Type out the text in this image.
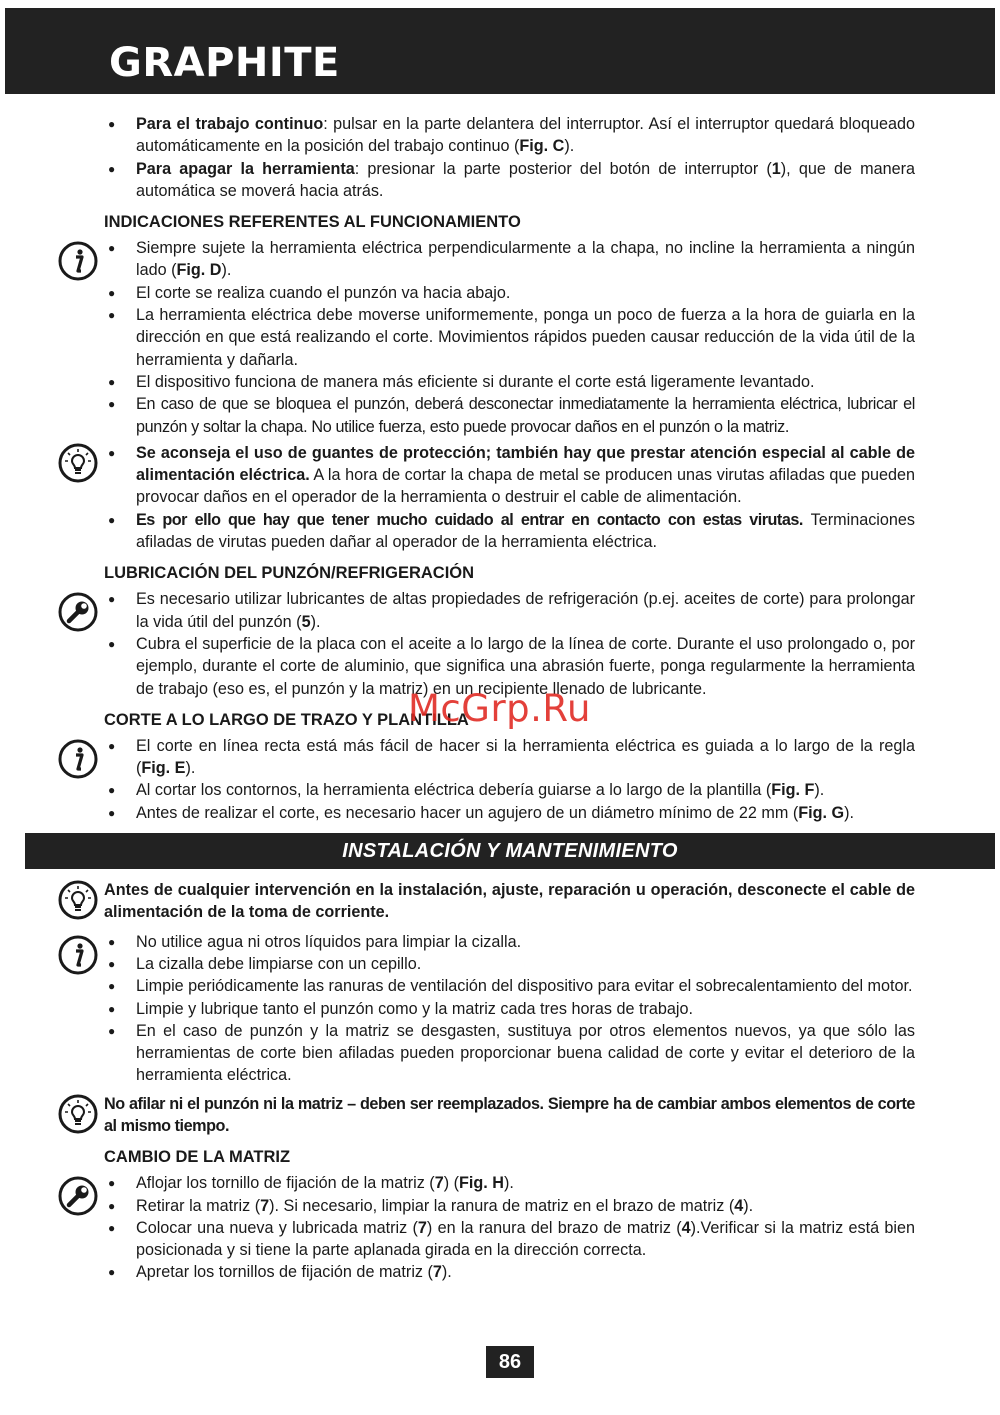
GRAPHITE
● Para el trabajo continuo: pulsar en la parte delantera del interruptor. Así el interruptor quedará bloqueado automáticamente en la posición del trabajo continuo (Fig. C).
● Para apagar la herramienta: presionar la parte posterior del botón de interruptor (1), que de manera automática se moverá hacia atrás.
INDICACIONES REFERENTES AL FUNCIONAMIENTO
● Siempre sujete la herramienta eléctrica perpendicularmente a la chapa, no incline la herramienta a ningún lado (Fig. D).
● El corte se realiza cuando el punzón va hacia abajo.
● La herramienta eléctrica debe moverse uniformemente, ponga un poco de fuerza a la hora de guiarla en la dirección en que está realizando el corte. Movimientos rápidos pueden causar reducción de la vida útil de la herramienta y dañarla.
● El dispositivo funciona de manera más eficiente si durante el corte está ligeramente levantado.
● En caso de que se bloquea el punzón, deberá desconectar inmediatamente la herramienta eléctrica, lubricar el punzón y soltar la chapa. No utilice fuerza, esto puede provocar daños en el punzón o la matriz.
● Se aconseja el uso de guantes de protección; también hay que prestar atención especial al cable de alimentación eléctrica. A la hora de cortar la chapa de metal se producen unas virutas afiladas que pueden provocar daños en el operador de la herramienta o destruir el cable de alimentación.
● Es por ello que hay que tener mucho cuidado al entrar en contacto con estas virutas. Terminaciones afiladas de virutas pueden dañar al operador de la herramienta eléctrica.
LUBRICACIÓN DEL PUNZÓN/REFRIGERACIÓN
● Es necesario utilizar lubricantes de altas propiedades de refrigeración (p.ej. aceites de corte) para prolongar la vida útil del punzón (5).
● Cubra el superficie de la placa con el aceite a lo largo de la línea de corte. Durante el uso prolongado o, por ejemplo, durante el corte de aluminio, que significa una abrasión fuerte, ponga regularmente la herramienta de trabajo (eso es, el punzón y la matriz) en un recipiente llenado de lubricante.
CORTE A LO LARGO DE TRAZO Y PLANTILLA
● El corte en línea recta está más fácil de hacer si la herramienta eléctrica es guiada a lo largo de la regla (Fig. E).
● Al cortar los contornos, la herramienta eléctrica debería guiarse a lo largo de la plantilla (Fig. F).
● Antes de realizar el corte, es necesario hacer un agujero de un diámetro mínimo de 22 mm (Fig. G).
INSTALACIÓN Y MANTENIMIENTO
Antes de cualquier intervención en la instalación, ajuste, reparación u operación, desconecte el cable de alimentación de la toma de corriente.
● No utilice agua ni otros líquidos para limpiar la cizalla.
● La cizalla debe limpiarse con un cepillo.
● Limpie periódicamente las ranuras de ventilación del dispositivo para evitar el sobrecalentamiento del motor.
● Limpie y lubrique tanto el punzón como y la matriz cada tres horas de trabajo.
● En el caso de punzón y la matriz se desgasten, sustituya por otros elementos nuevos, ya que sólo las herramientas de corte bien afiladas pueden proporcionar buena calidad de corte y evitar el deterioro de la herramienta eléctrica.
No afilar ni el punzón ni la matriz – deben ser reemplazados. Siempre ha de cambiar ambos elementos de corte al mismo tiempo.
CAMBIO DE LA MATRIZ
● Aflojar los tornillo de fijación de la matriz (7) (Fig. H).
● Retirar la matriz (7). Si necesario, limpiar la ranura de matriz en el brazo de matriz (4).
● Colocar una nueva y lubricada matriz (7) en la ranura del brazo de matriz (4).Verificar si la matriz está bien posicionada y si tiene la parte aplanada girada en la dirección correcta.
● Apretar los tornillos de fijación de matriz (7).
McGrp.Ru
86
